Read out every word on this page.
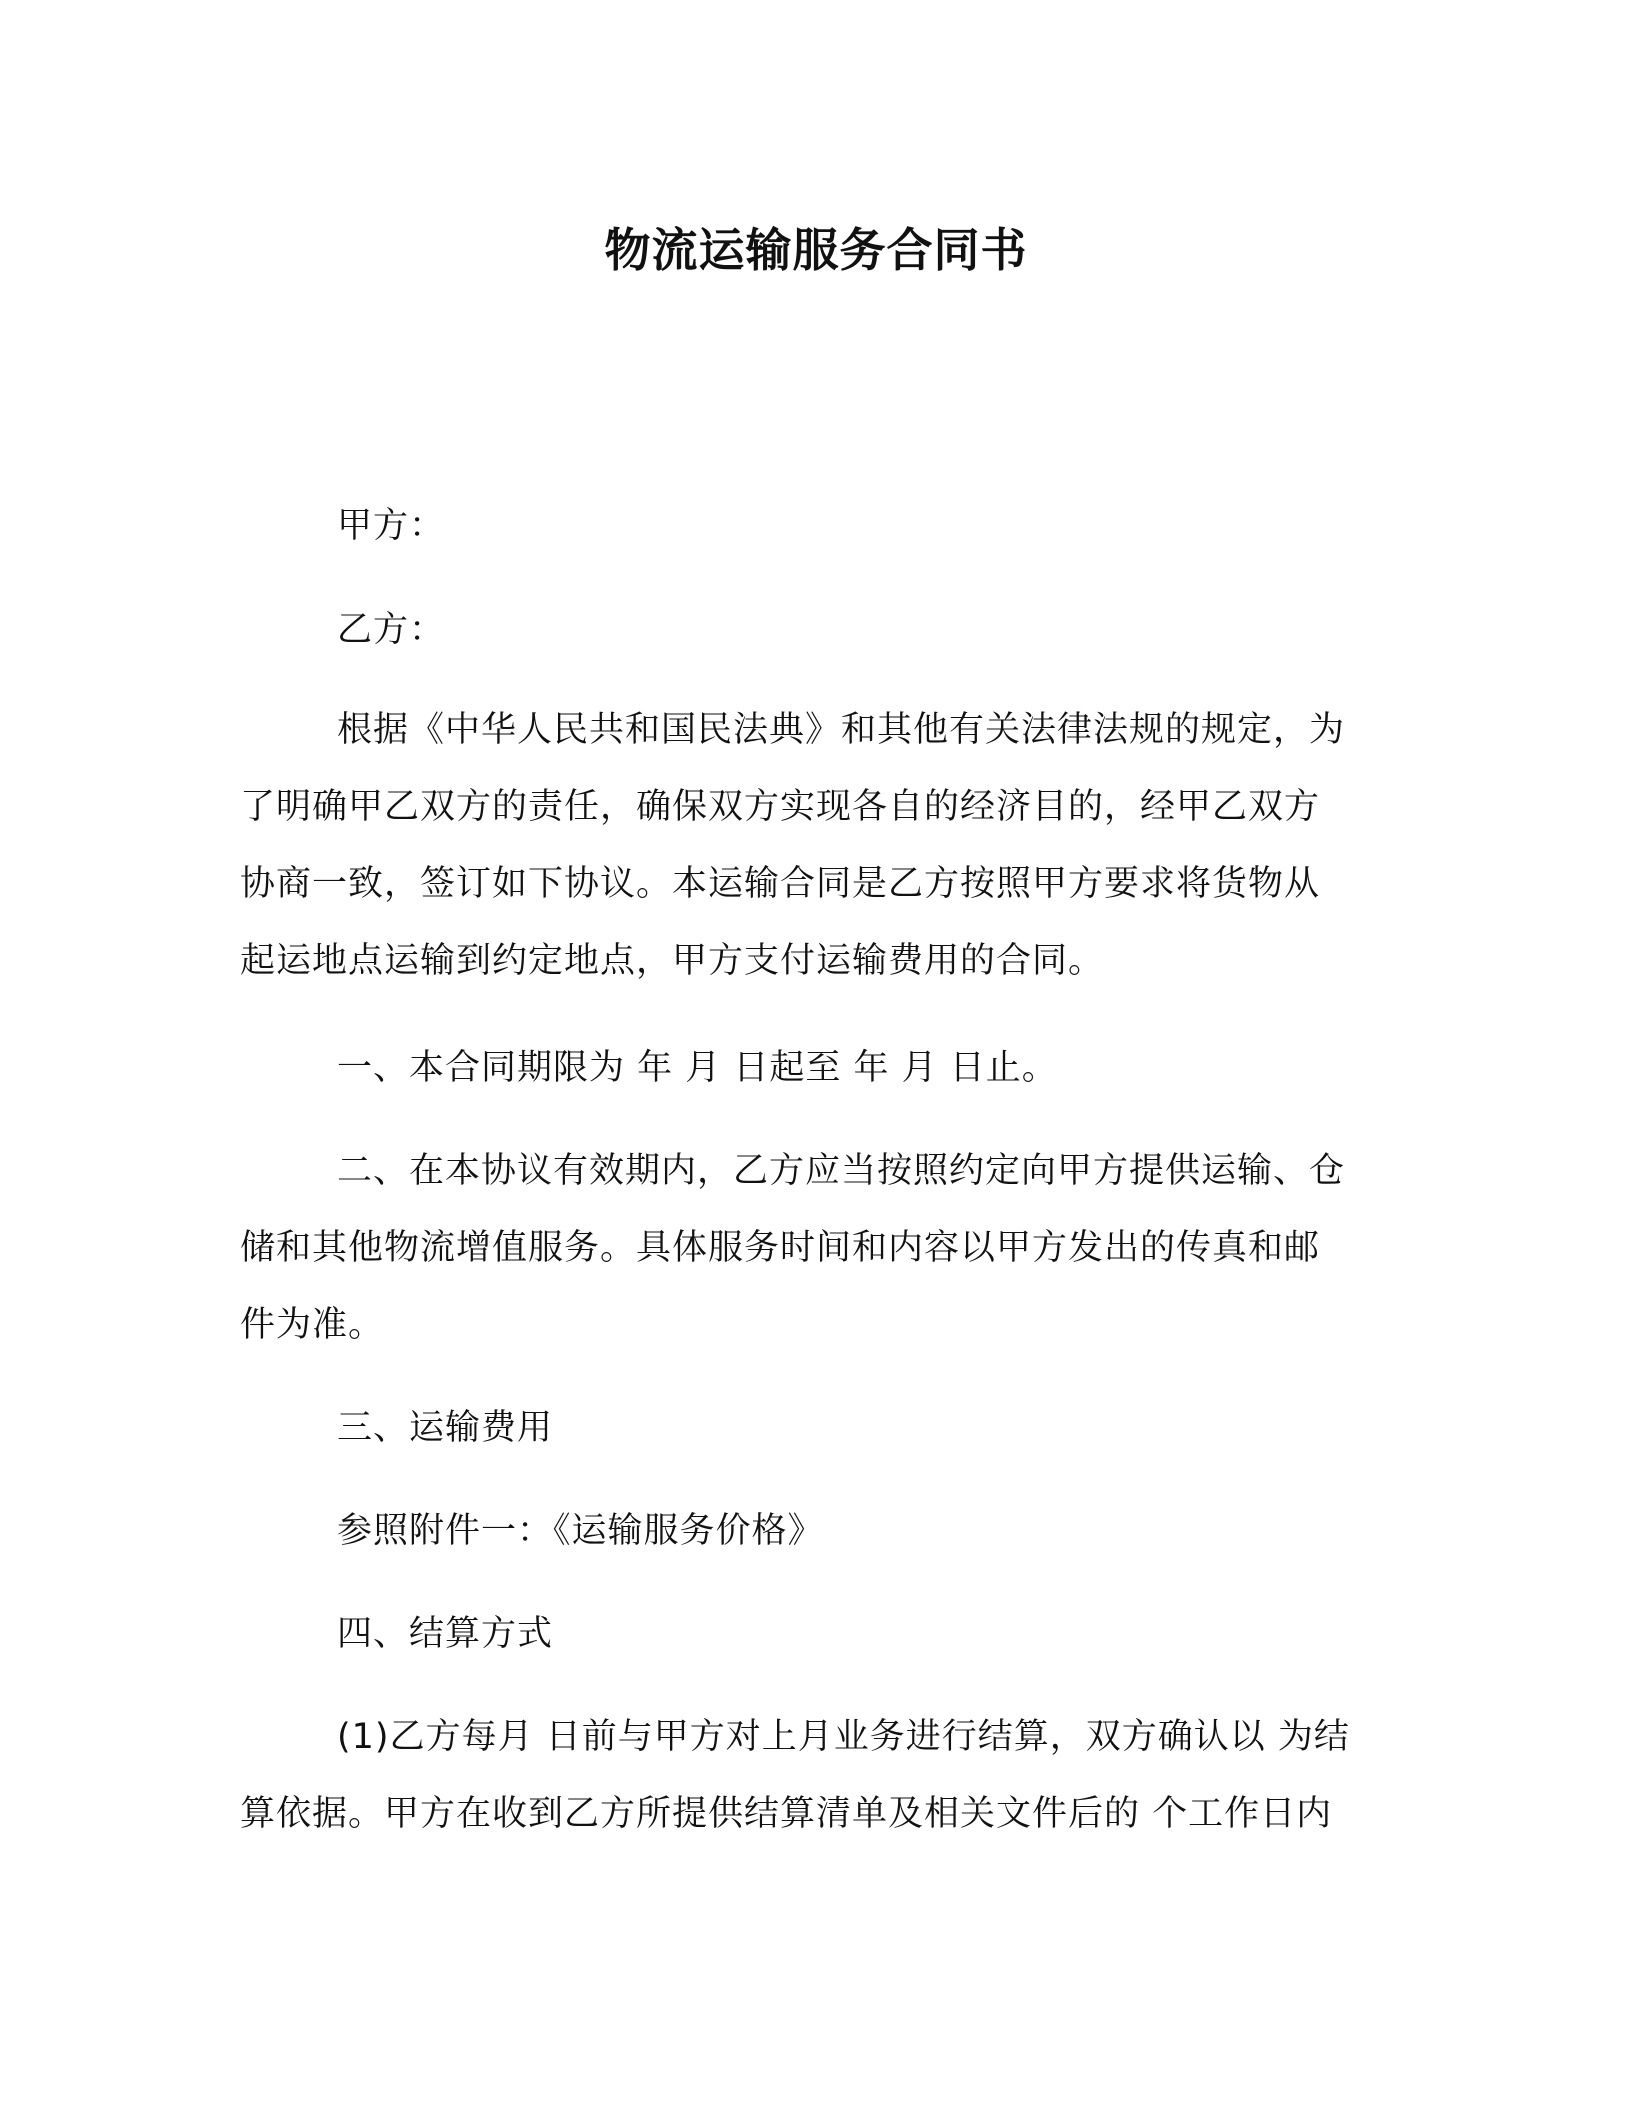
物流运输服务合同书
甲方：
乙方：
根据《中华人民共和国民法典》和其他有关法律法规的规定，为
了明确甲乙双方的责任，确保双方实现各自的经济目的，经甲乙双方
协商一致，签订如下协议。本运输合同是乙方按照甲方要求将货物从
起运地点运输到约定地点，甲方支付运输费用的合同。
一、本合同期限为 年 月 日起至 年 月 日止。
二、在本协议有效期内，乙方应当按照约定向甲方提供运输、仓
储和其他物流增值服务。具体服务时间和内容以甲方发出的传真和邮
件为准。
三、运输费用
参照附件一：《运输服务价格》
四、结算方式
(1)乙方每月 日前与甲方对上月业务进行结算，双方确认以 为结
算依据。甲方在收到乙方所提供结算清单及相关文件后的 个工作日内
